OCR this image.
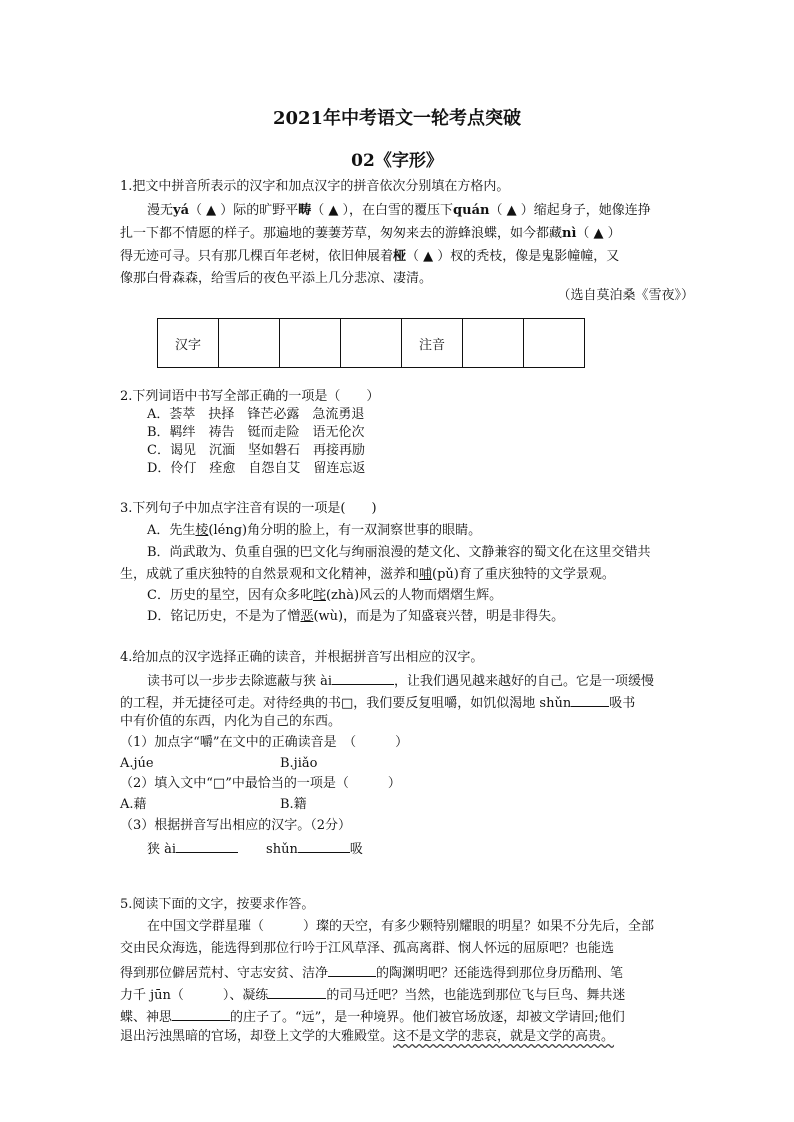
2021年中考语文一轮考点突破
02《字形》
1.把文中拼音所表示的汉字和加点汉字的拼音依次分别填在方格内。
漫无yá（ ▲ ）际的旷野平畴（ ▲ ），在白雪的覆压下quán（ ▲ ）缩起身子，她像连挣
扎一下都不情愿的样子。那遍地的萋萋芳草，匆匆来去的游蜂浪蝶，如今都藏nì（ ▲ ）
得无迹可寻。只有那几棵百年老树，依旧伸展着桠（ ▲ ）杈的秃枝，像是鬼影幢幢，又
像那白骨森森，给雪后的夜色平添上几分悲凉、凄清。
（选自莫泊桑《雪夜》）
汉字				注音		
2.下列词语中书写全部正确的一项是（　　）
A．荟萃　抉择　锋芒必露　急流勇退
B．羁绊　祷告　铤而走险　语无伦次
C．谒见　沉湎　坚如磐石　再接再励
D．伶仃　痊愈　自怨自艾　留连忘返
3.下列句子中加点字注音有误的一项是(　　)
A．先生棱(léng)角分明的脸上，有一双洞察世事的眼睛。
B．尚武敢为、负重自强的巴文化与绚丽浪漫的楚文化、文静兼容的蜀文化在这里交错共
生，成就了重庆独特的自然景观和文化精神，滋养和哺(pǔ)育了重庆独特的文学景观。
C．历史的星空，因有众多叱咤(zhà)风云的人物而熠熠生辉。
D．铭记历史，不是为了憎恶(wù)，而是为了知盛衰兴替，明是非得失。
4.给加点的汉字选择正确的读音，并根据拼音写出相应的汉字。
读书可以一步步去除遮蔽与狭 ài	，让我们遇见越来越好的自己。它是一项缓慢
的工程，并无捷径可走。对待经典的书□，我们要反复咀嚼，如饥似渴地 shǔn	吸书
中有价值的东西，内化为自己的东西。
（1）加点字“嚼”在文中的正确读音是　（　　　）
A.júe	B.jiǎo
（2）填入文中“□”中最恰当的一项是（　　　）
A.藉	B.籍
（3）根据拼音写出相应的汉字。（2分）
狭 ài	shǔn	吸
5.阅读下面的文字，按要求作答。
在中国文学群星璀（　　　）璨的天空，有多少颗特别耀眼的明星？如果不分先后，全部
交由民众海选，能选得到那位行吟于江风草泽、孤高离群、悯人怀远的屈原吧？也能选
得到那位僻居荒村、守志安贫、洁净	的陶渊明吧？还能选得到那位身历酷刑、笔
力千 jūn（　　　）、凝练	的司马迁吧？当然，也能选到那位飞与巨鸟、舞共迷
蝶、神思	的庄子了。“远”，是一种境界。他们被官场放逐，却被文学请回;他们
退出污浊黑暗的官场，却登上文学的大雅殿堂。这不是文学的悲哀，就是文学的高贵。
